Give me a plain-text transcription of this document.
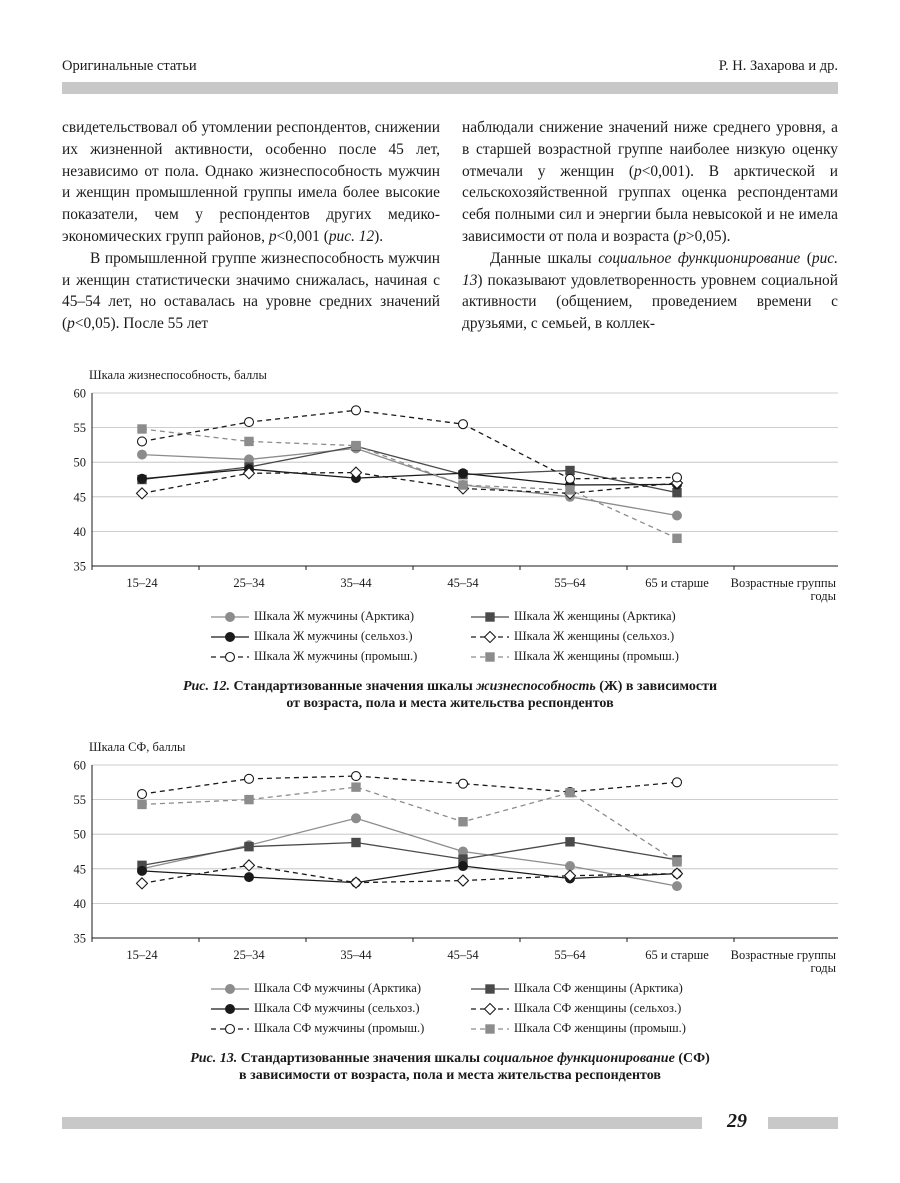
Оригинальные статьи	Р. Н. Захарова и др.

свидетельствовал об утомлении респондентов, снижении их жизненной активности, особенно после 45 лет, независимо от пола. Однако жизнеспособность мужчин и женщин промышленной группы имела более высокие показатели, чем у респондентов других медико-экономических групп районов, p<0,001 (рис. 12).

В промышленной группе жизнеспособность мужчин и женщин статистически значимо снижалась, начиная с 45–54 лет, но оставалась на уровне средних значений (p<0,05). После 55 лет

наблюдали снижение значений ниже среднего уровня, а в старшей возрастной группе наиболее низкую оценку отмечали у женщин (p<0,001). В арктической и сельскохозяйственной группах оценка респондентами себя полными сил и энергии была невысокой и не имела зависимости от пола и возраста (p>0,05).

Данные шкалы социальное функционирование (рис. 13) показывают удовлетворенность уровнем социальной активности (общением, проведением времени с друзьями, с семьей, в коллек-

Шкала жизнеспособность, баллы
60
55
50
45
40
35
15–24	25–34	35–44	45–54	55–64	65 и старше Возрастные группы
годы
Шкала Ж мужчины (Арктика)	Шкала Ж женщины (Арктика)
Шкала Ж мужчины (сельхоз.)	Шкала Ж женщины (сельхоз.)
Шкала Ж мужчины (промыш.)	Шкала Ж женщины (промыш.)
Рис. 12. Стандартизованные значения шкалы жизнеспособность (Ж) в зависимости
от возраста, пола и места жительства респондентов
Шкала СФ, баллы
60
55
50
45
40
35
15–24	25–34	35–44	45–54	55–64	65 и старше Возрастные группы
годы
Шкала СФ мужчины (Арктика)	Шкала СФ женщины (Арктика)
Шкала СФ мужчины (сельхоз.)	Шкала СФ женщины (сельхоз.)
Шкала СФ мужчины (промыш.)	Шкала СФ женщины (промыш.)
Рис. 13. Стандартизованные значения шкалы социальное функционирование (СФ)
в зависимости от возраста, пола и места жительства респондентов
29
